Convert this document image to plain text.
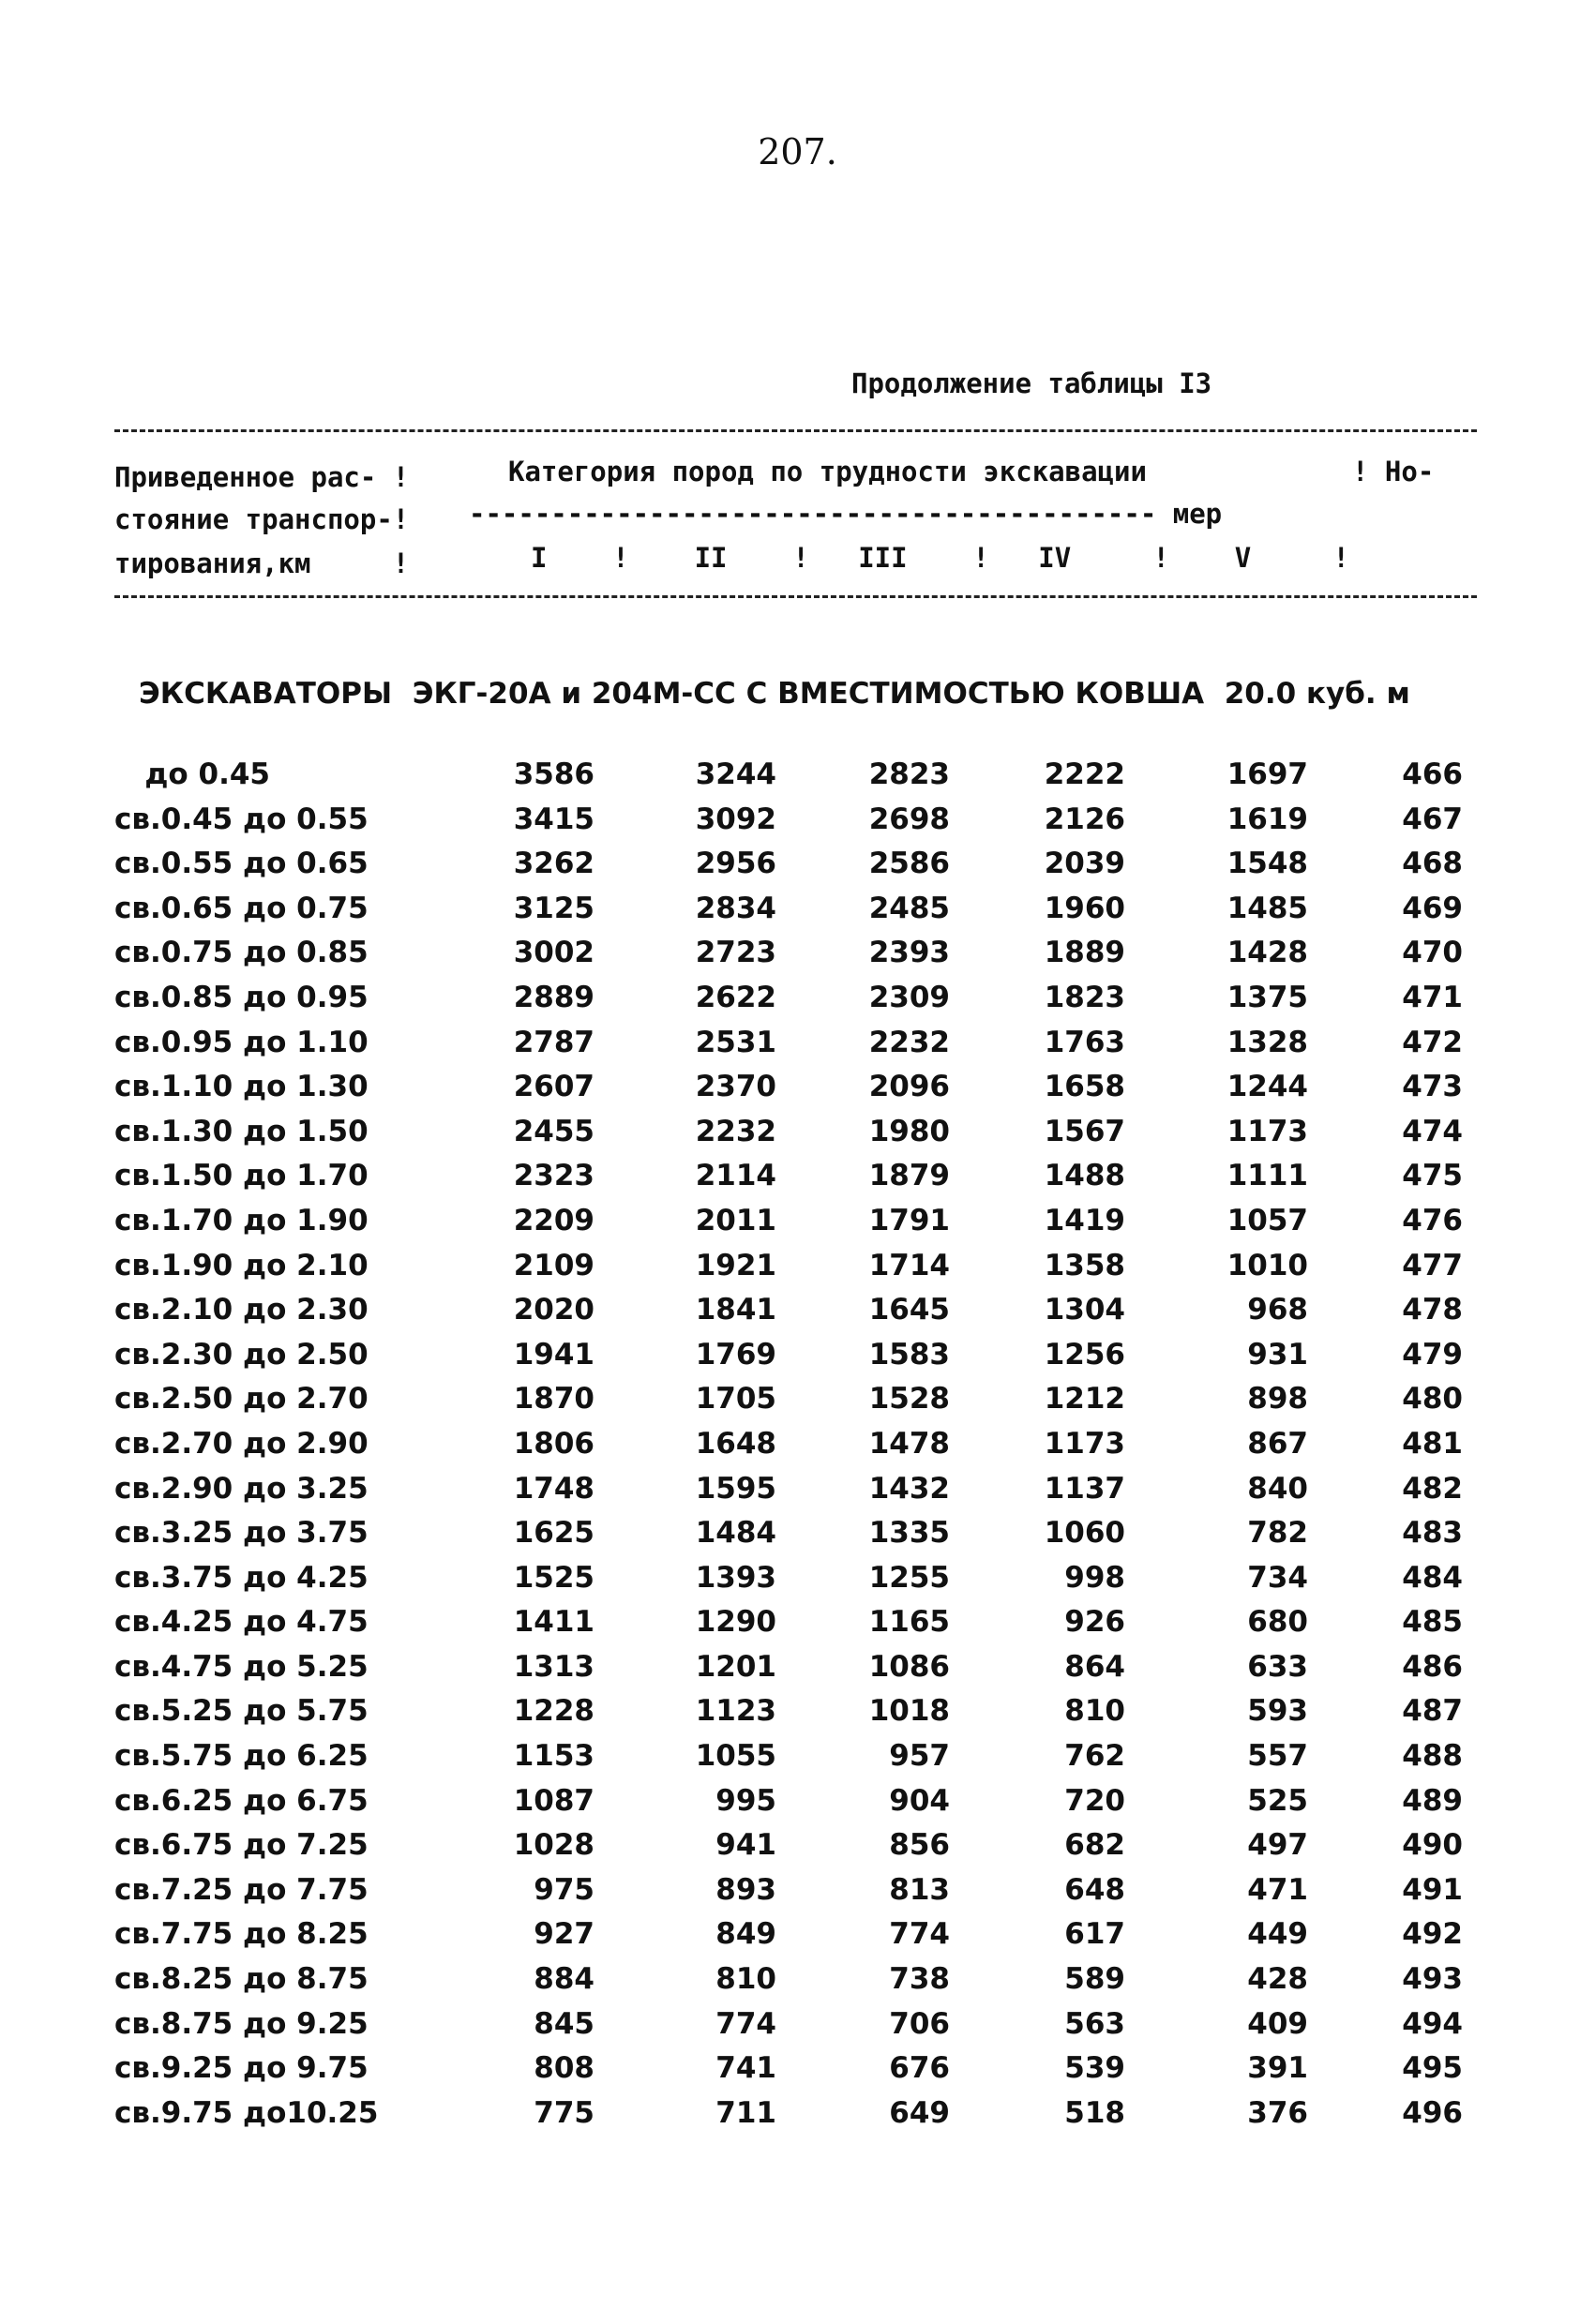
207.
Продолжение таблицы I3
Приведенное рас- !
стояние транспор-!
тирования,км     !
Категория пород по трудности экскавации	! Но-
------------------------------------------ мер
I    !    II    !   III    !   IV     !    V     !
ЭКСКАВАТОРЫ  ЭКГ-20А и 204М-СС С ВМЕСТИМОСТЬЮ КОВША  20.0 куб. м
до 0.45	3586	3244	2823	2222	1697	466
св.0.45 до 0.55	3415	3092	2698	2126	1619	467
св.0.55 до 0.65	3262	2956	2586	2039	1548	468
св.0.65 до 0.75	3125	2834	2485	1960	1485	469
св.0.75 до 0.85	3002	2723	2393	1889	1428	470
св.0.85 до 0.95	2889	2622	2309	1823	1375	471
св.0.95 до 1.10	2787	2531	2232	1763	1328	472
св.1.10 до 1.30	2607	2370	2096	1658	1244	473
св.1.30 до 1.50	2455	2232	1980	1567	1173	474
св.1.50 до 1.70	2323	2114	1879	1488	1111	475
св.1.70 до 1.90	2209	2011	1791	1419	1057	476
св.1.90 до 2.10	2109	1921	1714	1358	1010	477
св.2.10 до 2.30	2020	1841	1645	1304	968	478
св.2.30 до 2.50	1941	1769	1583	1256	931	479
св.2.50 до 2.70	1870	1705	1528	1212	898	480
св.2.70 до 2.90	1806	1648	1478	1173	867	481
св.2.90 до 3.25	1748	1595	1432	1137	840	482
св.3.25 до 3.75	1625	1484	1335	1060	782	483
св.3.75 до 4.25	1525	1393	1255	998	734	484
св.4.25 до 4.75	1411	1290	1165	926	680	485
св.4.75 до 5.25	1313	1201	1086	864	633	486
св.5.25 до 5.75	1228	1123	1018	810	593	487
св.5.75 до 6.25	1153	1055	957	762	557	488
св.6.25 до 6.75	1087	995	904	720	525	489
св.6.75 до 7.25	1028	941	856	682	497	490
св.7.25 до 7.75	975	893	813	648	471	491
св.7.75 до 8.25	927	849	774	617	449	492
св.8.25 до 8.75	884	810	738	589	428	493
св.8.75 до 9.25	845	774	706	563	409	494
св.9.25 до 9.75	808	741	676	539	391	495
св.9.75 до10.25	775	711	649	518	376	496
